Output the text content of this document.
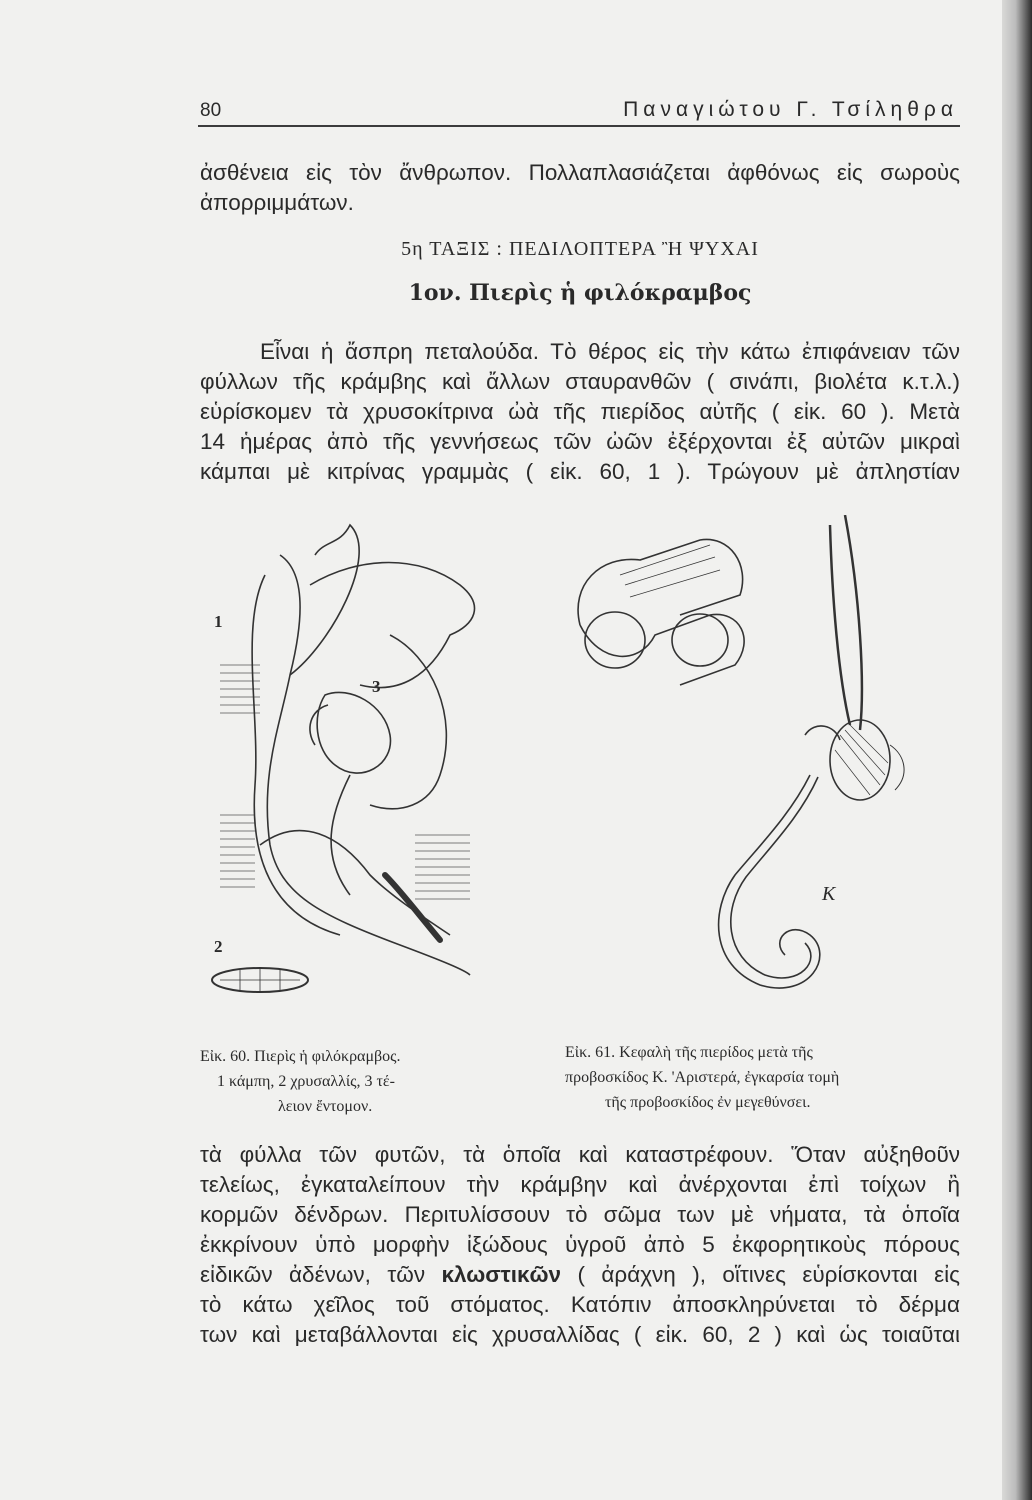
80	Παναγιώτου Γ. Τσίληθρα
ἀσθένεια εἰς τὸν ἄνθρωπον. Πολλαπλασιάζεται ἀφθόνως εἰς σωροὺς
ἀπορριμμάτων.
5η ΤΑΞΙΣ : ΠΕΔΙΛΟΠΤΕΡΑ Ἢ ΨΥΧΑΙ
1ον. Πιερὶς ἡ φιλόκραμβος
Εἶναι ἡ ἄσπρη πεταλούδα. Τὸ θέρος εἰς τὴν κάτω ἐπιφάνειαν τῶν
φύλλων τῆς κράμβης καὶ ἄλλων σταυρανθῶν ( σινάπι, βιολέτα κ.τ.λ.)
εὑρίσκομεν τὰ χρυσοκίτρινα ὠὰ τῆς πιερίδος αὐτῆς ( εἰκ. 60 ). Μετὰ
14 ἡμέρας ἀπὸ τῆς γεννήσεως τῶν ὠῶν ἐξέρχονται ἐξ αὐτῶν μικραὶ
κάμπαι μὲ κιτρίνας γραμμὰς ( εἰκ. 60, 1 ). Τρώγουν μὲ ἀπληστίαν
1
2
3
Κ
Εἰκ. 60. Πιερὶς ἡ φιλόκραμβος.
1 κάμπη, 2 χρυσαλλίς, 3 τέ-
λειον ἔντομον.
Εἰκ. 61. Κεφαλὴ τῆς πιερίδος μετὰ τῆς
προβοσκίδος Κ. 'Αριστερά, ἐγκαρσία τομὴ
τῆς προβοσκίδος ἐν μεγεθύνσει.
τὰ φύλλα τῶν φυτῶν, τὰ ὁποῖα καὶ καταστρέφουν. Ὅταν αὐξηθοῦν
τελείως, ἐγκαταλείπουν τὴν κράμβην καὶ ἀνέρχονται ἐπὶ τοίχων ἢ
κορμῶν δένδρων. Περιτυλίσσουν τὸ σῶμα των μὲ νήματα, τὰ ὁποῖα
ἐκκρίνουν ὑπὸ μορφὴν ἰξώδους ὑγροῦ ἀπὸ 5 ἐκφορητικοὺς πόρους
εἰδικῶν ἀδένων, τῶν κλωστικῶν ( ἀράχνη ), οἵτινες εὑρίσκονται εἰς
τὸ κάτω χεῖλος τοῦ στόματος. Κατόπιν ἀποσκληρύνεται τὸ δέρμα
των καὶ μεταβάλλονται εἰς χρυσαλλίδας ( εἰκ. 60, 2 ) καὶ ὡς τοιαῦται
